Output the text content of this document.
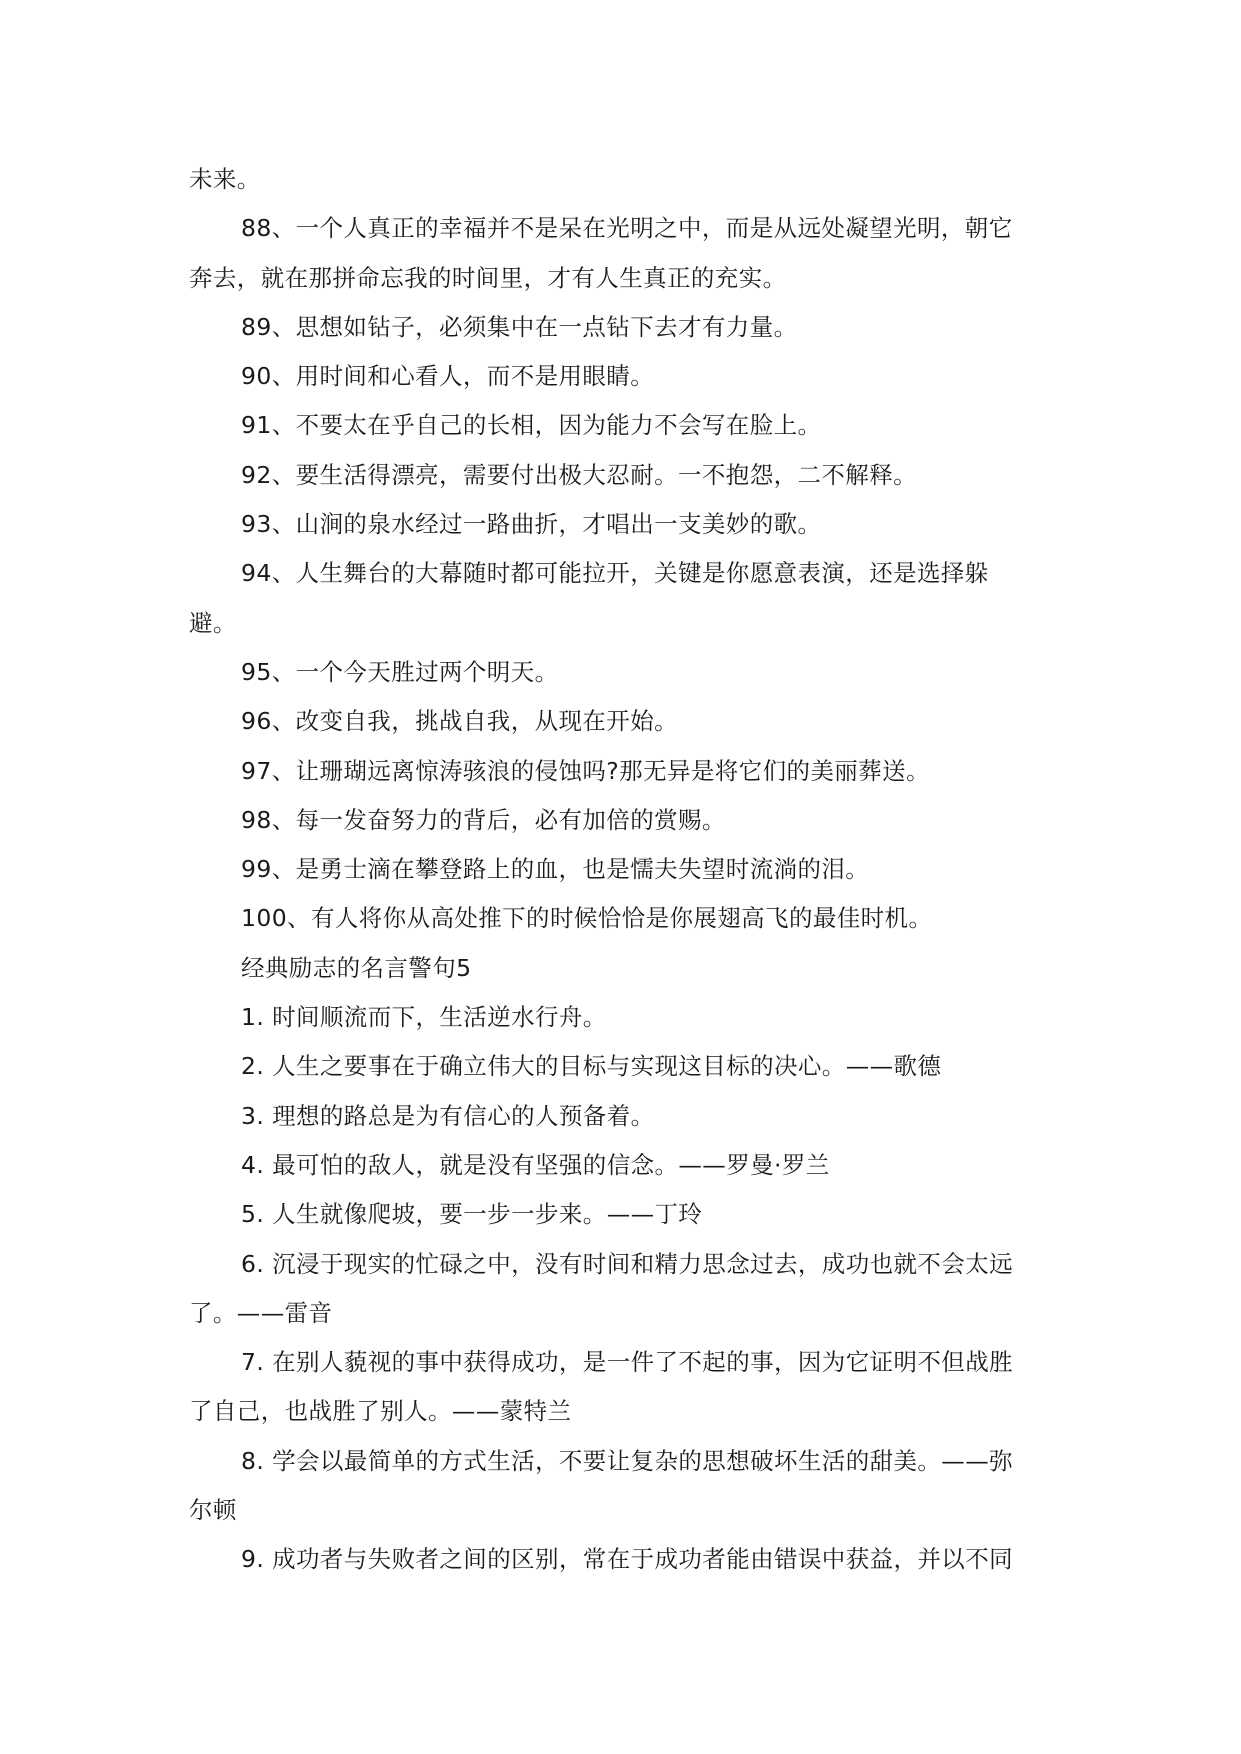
未来。
88、一个人真正的幸福并不是呆在光明之中，而是从远处凝望光明，朝它
奔去，就在那拼命忘我的时间里，才有人生真正的充实。
89、思想如钻子，必须集中在一点钻下去才有力量。
90、用时间和心看人，而不是用眼睛。
91、不要太在乎自己的长相，因为能力不会写在脸上。
92、要生活得漂亮，需要付出极大忍耐。一不抱怨，二不解释。
93、山涧的泉水经过一路曲折，才唱出一支美妙的歌。
94、人生舞台的大幕随时都可能拉开，关键是你愿意表演，还是选择躲
避。
95、一个今天胜过两个明天。
96、改变自我，挑战自我，从现在开始。
97、让珊瑚远离惊涛骇浪的侵蚀吗?那无异是将它们的美丽葬送。
98、每一发奋努力的背后，必有加倍的赏赐。
99、是勇士滴在攀登路上的血，也是懦夫失望时流淌的泪。
100、有人将你从高处推下的时候恰恰是你展翅高飞的最佳时机。
经典励志的名言警句5
1. 时间顺流而下，生活逆水行舟。
2. 人生之要事在于确立伟大的目标与实现这目标的决心。——歌德
3. 理想的路总是为有信心的人预备着。
4. 最可怕的敌人，就是没有坚强的信念。——罗曼·罗兰
5. 人生就像爬坡，要一步一步来。——丁玲
6. 沉浸于现实的忙碌之中，没有时间和精力思念过去，成功也就不会太远
了。——雷音
7. 在别人藐视的事中获得成功，是一件了不起的事，因为它证明不但战胜
了自己，也战胜了别人。——蒙特兰
8. 学会以最简单的方式生活，不要让复杂的思想破坏生活的甜美。——弥
尔顿
9. 成功者与失败者之间的区别，常在于成功者能由错误中获益，并以不同
